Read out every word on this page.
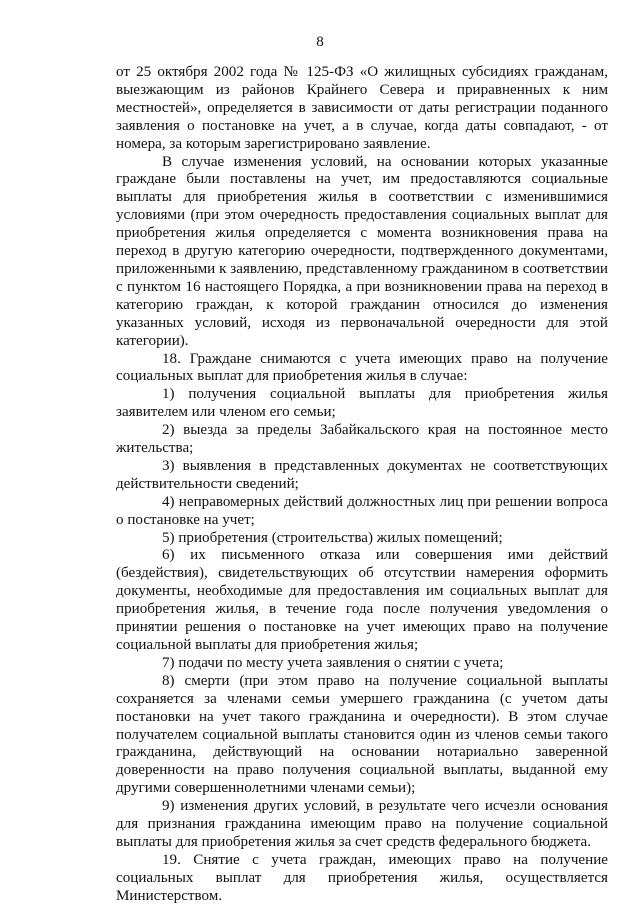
8

от 25 октября 2002 года № 125-ФЗ «О жилищных субсидиях гражданам, выезжающим из районов Крайнего Севера и приравненных к ним местностей», определяется в зависимости от даты регистрации поданного заявления о постановке на учет, а в случае, когда даты совпадают, - от номера, за которым зарегистрировано заявление.

В случае изменения условий, на основании которых указанные граждане были поставлены на учет, им предоставляются социальные выплаты для приобретения жилья в соответствии с изменившимися условиями (при этом очередность предоставления социальных выплат для приобретения жилья определяется с момента возникновения права на переход в другую категорию очередности, подтвержденного документами, приложенными к заявлению, представленному гражданином в соответствии с пунктом 16 настоящего Порядка, а при возникновении права на переход в категорию граждан, к которой гражданин относился до изменения указанных условий, исходя из первоначальной очередности для этой категории).

18. Граждане снимаются с учета имеющих право на получение социальных выплат для приобретения жилья в случае:

1) получения социальной выплаты для приобретения жилья заявителем или членом его семьи;

2) выезда за пределы Забайкальского края на постоянное место жительства;

3) выявления в представленных документах не соответствующих действительности сведений;

4) неправомерных действий должностных лиц при решении вопроса о постановке на учет;

5) приобретения (строительства) жилых помещений;

6) их письменного отказа или совершения ими действий (бездействия), свидетельствующих об отсутствии намерения оформить документы, необходимые для предоставления им социальных выплат для приобретения жилья, в течение года после получения уведомления о принятии решения о постановке на учет имеющих право на получение социальной выплаты для приобретения жилья;

7) подачи по месту учета заявления о снятии с учета;

8) смерти (при этом право на получение социальной выплаты сохраняется за членами семьи умершего гражданина (с учетом даты постановки на учет такого гражданина и очередности). В этом случае получателем социальной выплаты становится один из членов семьи такого гражданина, действующий на основании нотариально заверенной доверенности на право получения социальной выплаты, выданной ему другими совершеннолетними членами семьи);

9) изменения других условий, в результате чего исчезли основания для признания гражданина имеющим право на получение социальной выплаты для приобретения жилья за счет средств федерального бюджета.

19. Снятие с учета граждан, имеющих право на получение социальных выплат для приобретения жилья, осуществляется Министерством.
